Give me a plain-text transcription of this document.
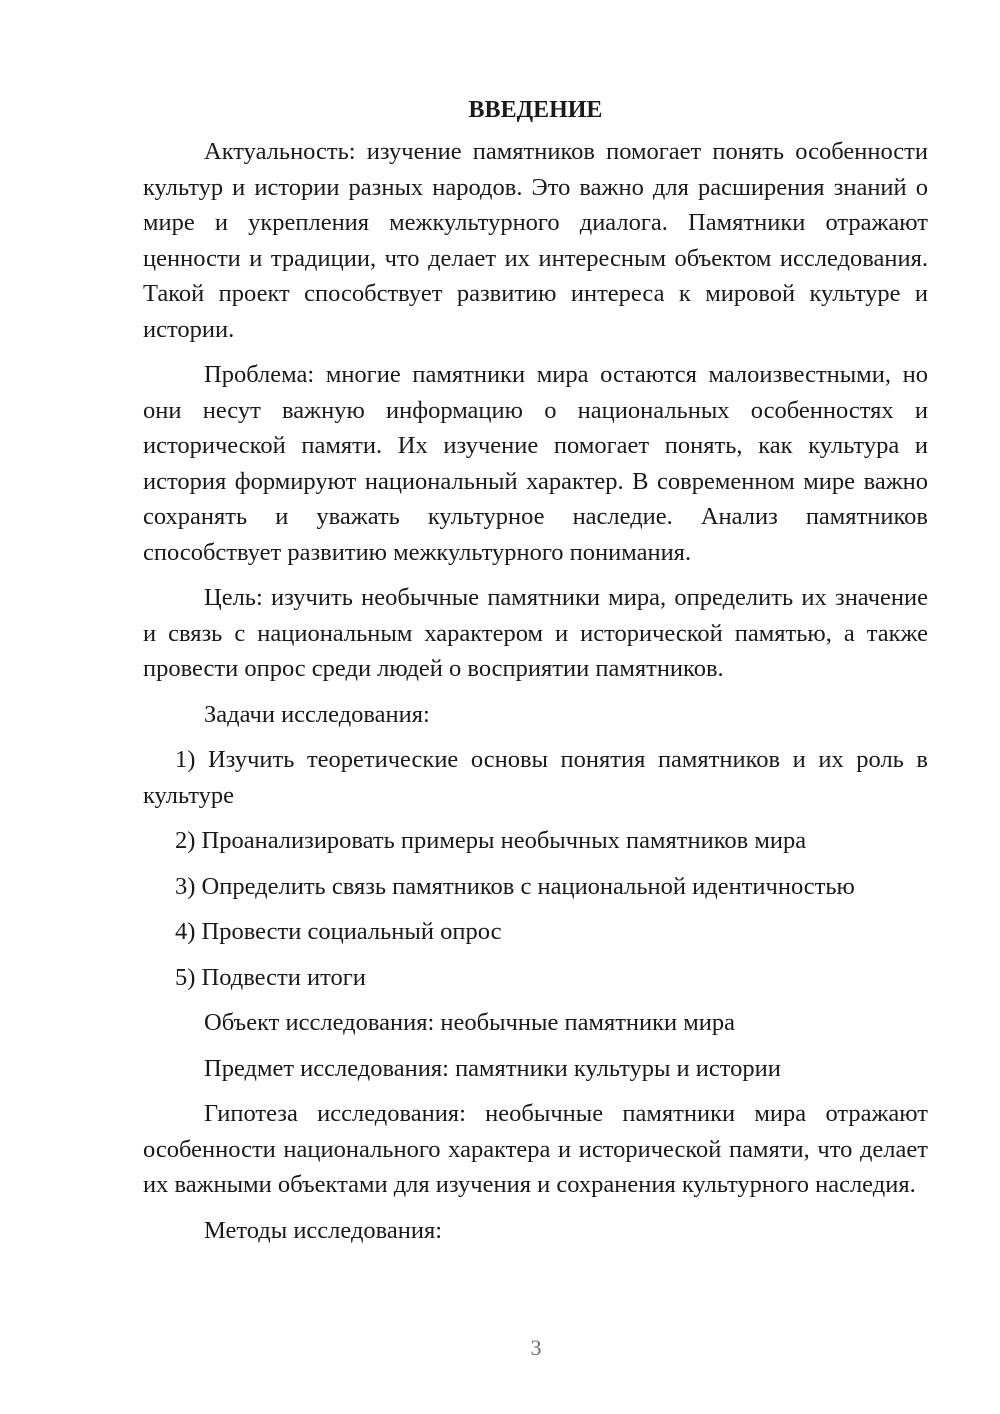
ВВЕДЕНИЕ

Актуальность: изучение памятников помогает понять особенности культур и истории разных народов. Это важно для расширения знаний о мире и укрепления межкультурного диалога. Памятники отражают ценности и традиции, что делает их интересным объектом исследования. Такой проект способствует развитию интереса к мировой культуре и истории.

Проблема: многие памятники мира остаются малоизвестными, но они несут важную информацию о национальных особенностях и исторической памяти. Их изучение помогает понять, как культура и история формируют национальный характер. В современном мире важно сохранять и уважать культурное наследие. Анализ памятников способствует развитию межкультурного понимания.

Цель: изучить необычные памятники мира, определить их значение и связь с национальным характером и исторической памятью, а также провести опрос среди людей о восприятии памятников.

Задачи исследования:

1) Изучить теоретические основы понятия памятников и их роль в культуре

2) Проанализировать примеры необычных памятников мира

3) Определить связь памятников с национальной идентичностью

4) Провести социальный опрос

5) Подвести итоги

Объект исследования: необычные памятники мира

Предмет исследования: памятники культуры и истории

Гипотеза исследования: необычные памятники мира отражают особенности национального характера и исторической памяти, что делает их важными объектами для изучения и сохранения культурного наследия.

Методы исследования:

3
